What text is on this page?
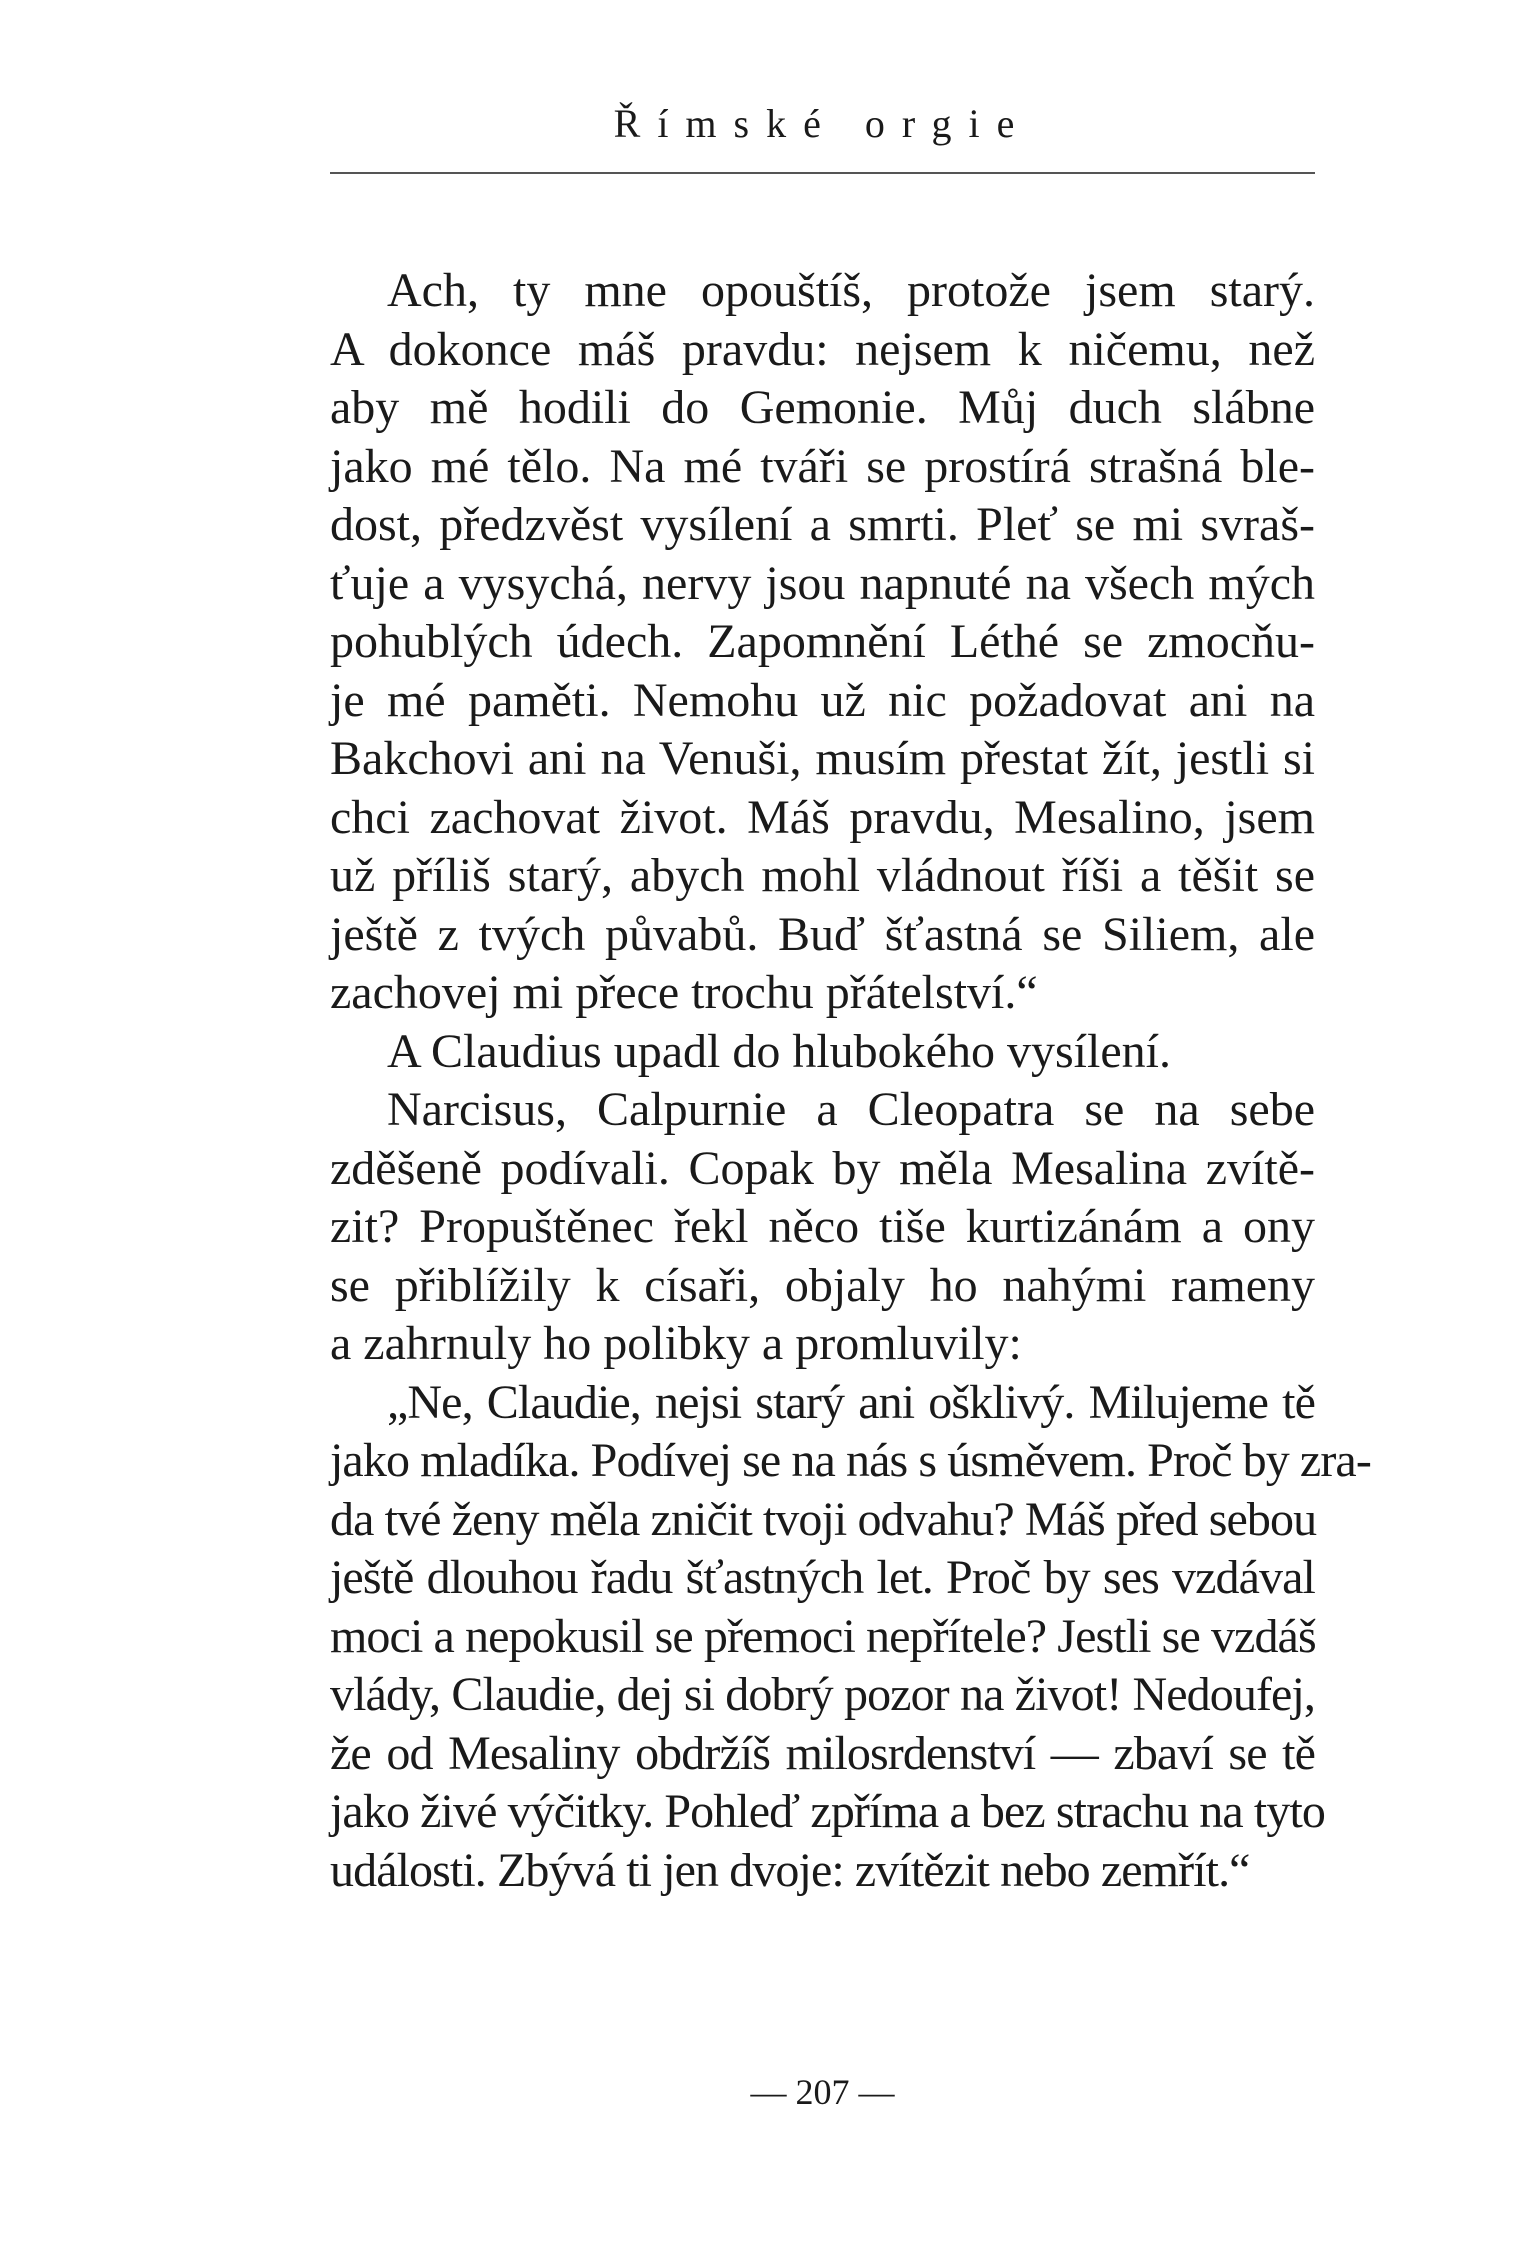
Římské orgie
Ach, ty mne opouštíš, protože jsem starý.
A dokonce máš pravdu: nejsem k ničemu, než
aby mě hodili do Gemonie. Můj duch slábne
jako mé tělo. Na mé tváři se prostírá strašná ble-
dost, předzvěst vysílení a smrti. Pleť se mi svraš-
ťuje a vysychá, nervy jsou napnuté na všech mých
pohublých údech. Zapomnění Léthé se zmocňu-
je mé paměti. Nemohu už nic požadovat ani na
Bakchovi ani na Venuši, musím přestat žít, jestli si
chci zachovat život. Máš pravdu, Mesalino, jsem
už příliš starý, abych mohl vládnout říši a těšit se
ještě z tvých půvabů. Buď šťastná se Siliem, ale
zachovej mi přece trochu přátelství.“
A Claudius upadl do hlubokého vysílení.
Narcisus, Calpurnie a Cleopatra se na sebe
zděšeně podívali. Copak by měla Mesalina zvítě-
zit? Propuštěnec řekl něco tiše kurtizánám a ony
se přiblížily k císaři, objaly ho nahými rameny
a zahrnuly ho polibky a promluvily:
„Ne, Claudie, nejsi starý ani ošklivý. Milujeme tě
jako mladíka. Podívej se na nás s úsměvem. Proč by zra-
da tvé ženy měla zničit tvoji odvahu? Máš před sebou
ještě dlouhou řadu šťastných let. Proč by ses vzdával
moci a nepokusil se přemoci nepřítele? Jestli se vzdáš
vlády, Claudie, dej si dobrý pozor na život! Nedoufej,
že od Mesaliny obdržíš milosrdenství — zbaví se tě
jako živé výčitky. Pohleď zpříma a bez strachu na tyto
události. Zbývá ti jen dvoje: zvítězit nebo zemřít.“
— 207 —
